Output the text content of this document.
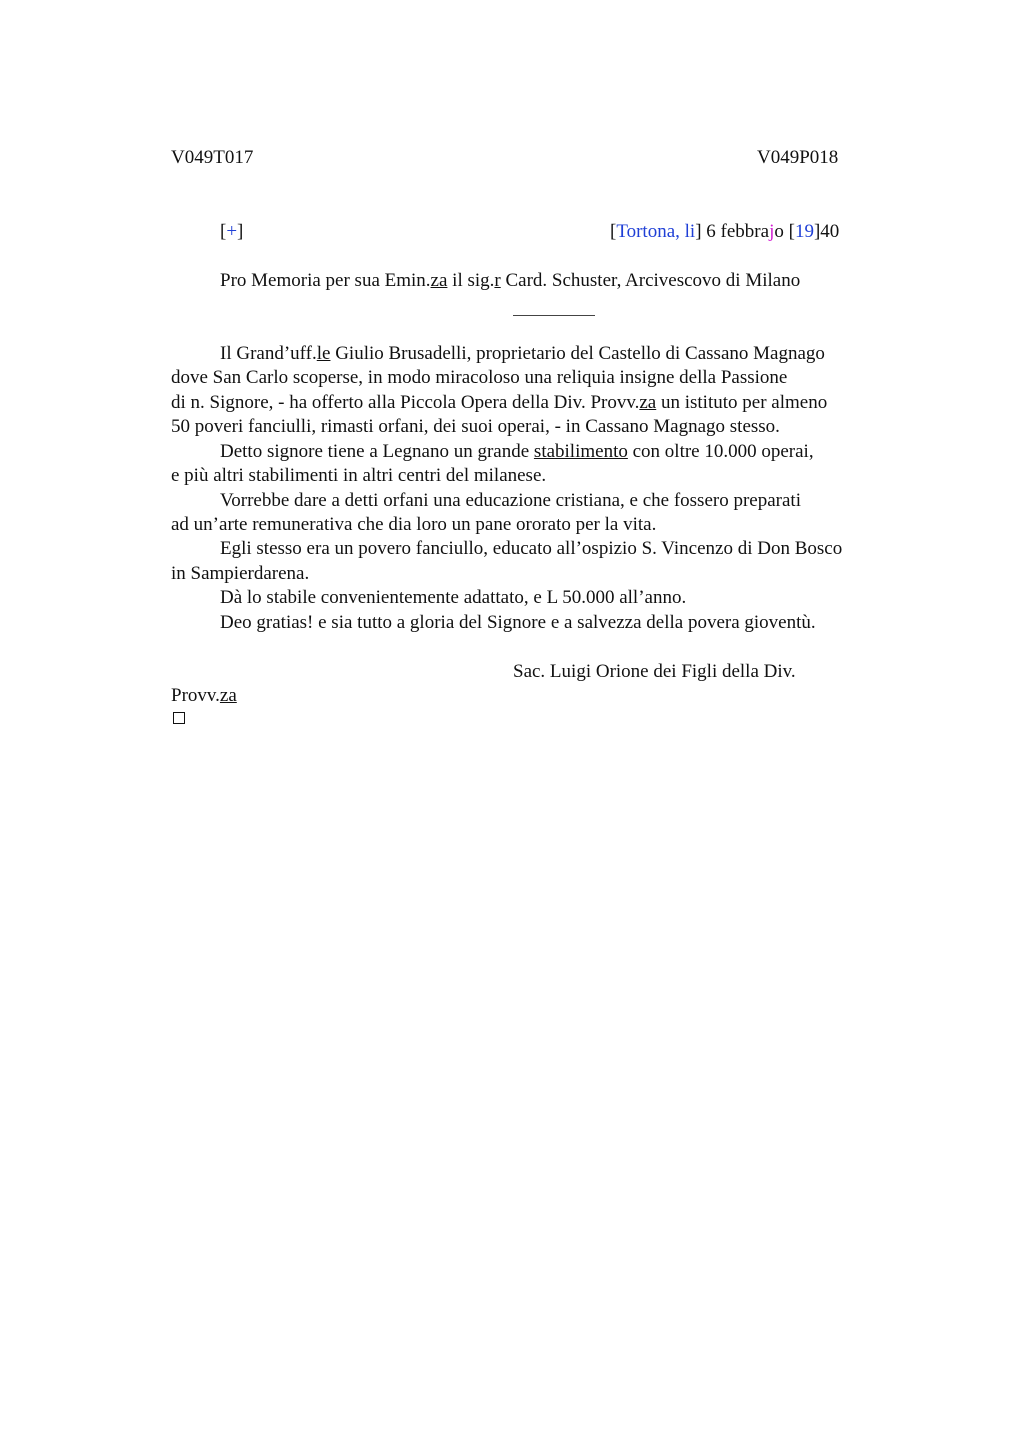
V049T017	V049P018
[+]	[Tortona, li] 6 febbrajo [19]40
Pro Memoria per sua Emin.za il sig.r Card. Schuster, Arcivescovo di Milano
Il Grand’uff.le Giulio Brusadelli, proprietario del Castello di Cassano Magnago
dove San Carlo scoperse, in modo miracoloso una reliquia insigne della Passione
di n. Signore, - ha offerto alla Piccola Opera della Div. Provv.za un istituto per almeno
50 poveri fanciulli, rimasti orfani, dei suoi operai, - in Cassano Magnago stesso.
Detto signore tiene a Legnano un grande stabilimento con oltre 10.000 operai,
e più altri stabilimenti in altri centri del milanese.
Vorrebbe dare a detti orfani una educazione cristiana, e che fossero preparati
ad un’arte remunerativa che dia loro un pane ororato per la vita.
Egli stesso era un povero fanciullo, educato all’ospizio S. Vincenzo di Don Bosco
in Sampierdarena.
Dà lo stabile convenientemente adattato, e L 50.000 all’anno.
Deo gratias! e sia tutto a gloria del Signore e a salvezza della povera gioventù.
Sac. Luigi Orione dei Figli della Div.
Provv.za
